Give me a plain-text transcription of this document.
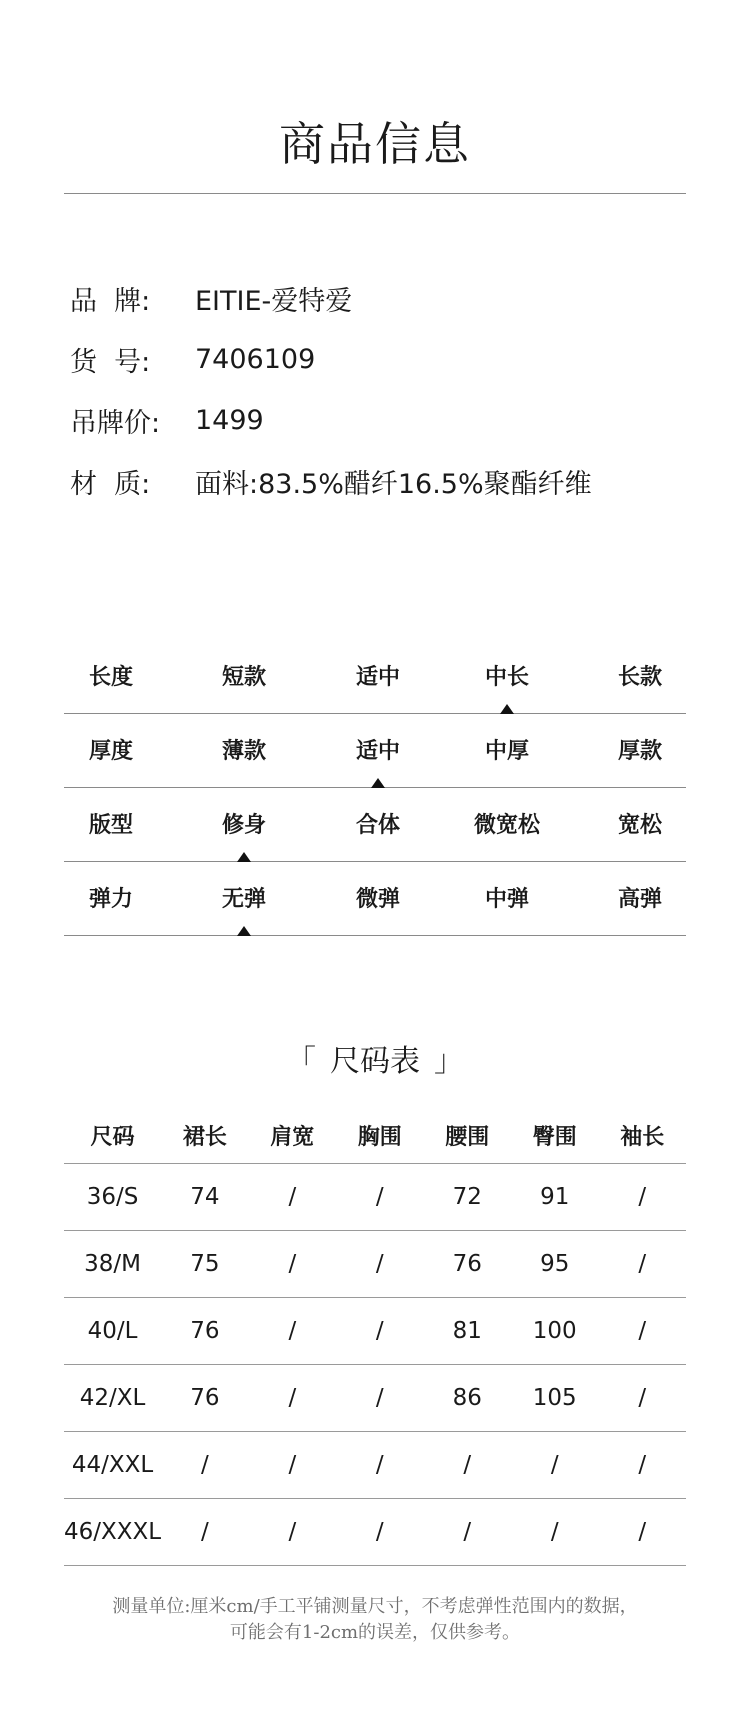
商品信息
品  牌:	EITIE-爱特爱
货  号:	7406109
吊牌价:	1499
材  质:	面料:83.5%醋纤16.5%聚酯纤维
长度	短款	适中	中长	长款
厚度	薄款	适中	中厚	厚款
版型	修身	合体	微宽松	宽松
弹力	无弹	微弹	中弹	高弹
「 尺码表 」
尺码	裙长	肩宽	胸围	腰围	臀围	袖长
36/S	74	/	/	72	91	/
38/M	75	/	/	76	95	/
40/L	76	/	/	81	100	/
42/XL	76	/	/	86	105	/
44/XXL	/	/	/	/	/	/
46/XXXL	/	/	/	/	/	/
测量单位:厘米cm/手工平铺测量尺寸，不考虑弹性范围内的数据，
可能会有1-2cm的误差，仅供参考。
